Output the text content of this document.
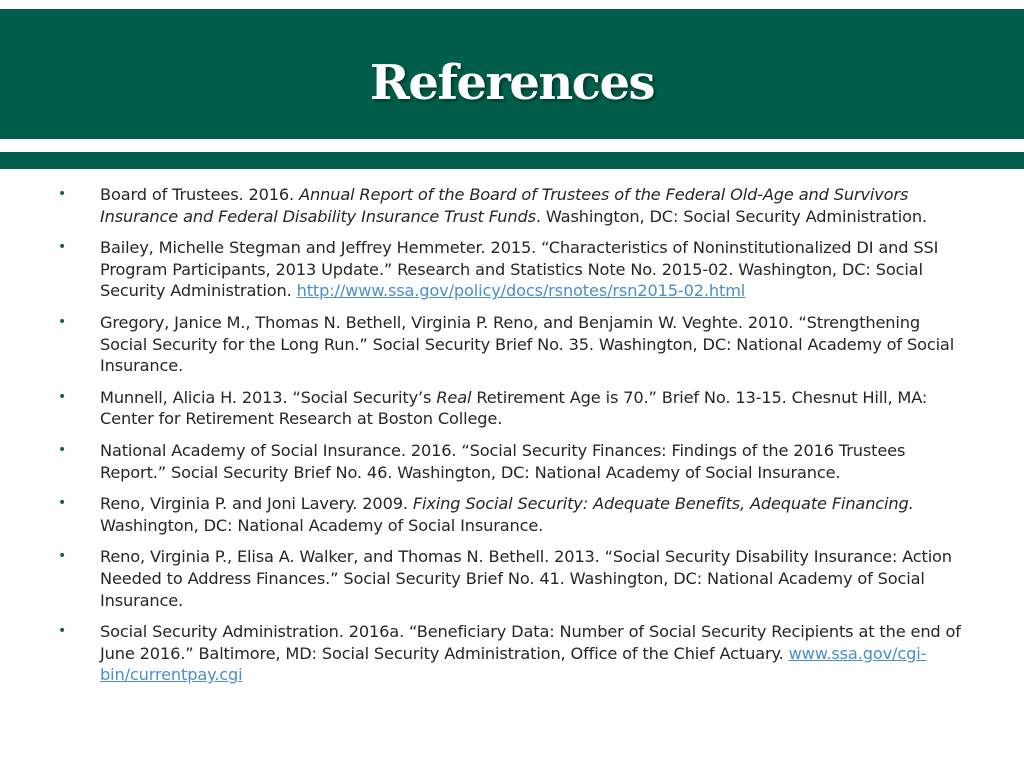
References
• Board of Trustees. 2016. Annual Report of the Board of Trustees of the Federal Old-Age and Survivors Insurance and Federal Disability Insurance Trust Funds. Washington, DC: Social Security Administration.
• Bailey, Michelle Stegman and Jeffrey Hemmeter. 2015. “Characteristics of Noninstitutionalized DI and SSI Program Participants, 2013 Update.” Research and Statistics Note No. 2015-02. Washington, DC: Social Security Administration. http://www.ssa.gov/policy/docs/rsnotes/rsn2015-02.html
• Gregory, Janice M., Thomas N. Bethell, Virginia P. Reno, and Benjamin W. Veghte. 2010. “Strengthening Social Security for the Long Run.” Social Security Brief No. 35. Washington, DC: National Academy of Social Insurance.
• Munnell, Alicia H. 2013. “Social Security’s Real Retirement Age is 70.” Brief No. 13-15. Chesnut Hill, MA: Center for Retirement Research at Boston College.
• National Academy of Social Insurance. 2016. “Social Security Finances: Findings of the 2016 Trustees Report.” Social Security Brief No. 46. Washington, DC: National Academy of Social Insurance.
• Reno, Virginia P. and Joni Lavery. 2009. Fixing Social Security: Adequate Benefits, Adequate Financing. Washington, DC: National Academy of Social Insurance.
• Reno, Virginia P., Elisa A. Walker, and Thomas N. Bethell. 2013. “Social Security Disability Insurance: Action Needed to Address Finances.” Social Security Brief No. 41. Washington, DC: National Academy of Social Insurance.
• Social Security Administration. 2016a. “Beneficiary Data: Number of Social Security Recipients at the end of June 2016.” Baltimore, MD: Social Security Administration, Office of the Chief Actuary. www.ssa.gov/cgi-bin/currentpay.cgi
